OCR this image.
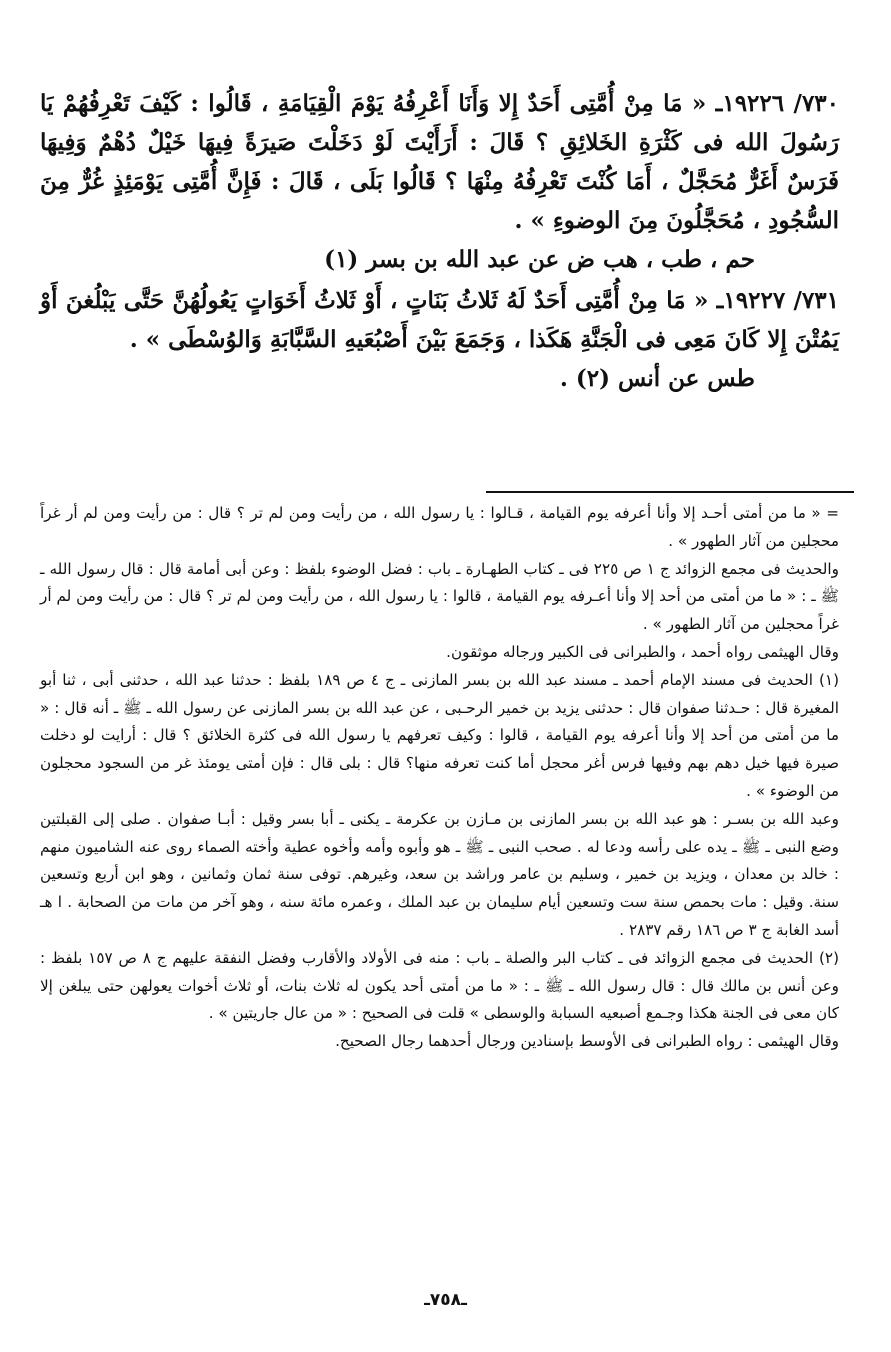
٧٣٠/ ١٩٢٢٦ـ « مَا مِنْ أُمَّتِى أَحَدٌ إِلا وَأَنَا أَعْرِفُهُ يَوْمَ الْقِيَامَةِ ، قَالُوا : كَيْفَ تَعْرِفُهُمْ يَا رَسُولَ الله فى كَثْرَةِ الخَلائِقِ ؟ قَالَ : أَرَأَيْتَ لَوْ دَخَلْتَ صَيرَةً فِيهَا خَيْلٌ دُهْمٌ وَفِيهَا فَرَسٌ أَغَرٌّ مُحَجَّلٌ ، أَمَا كُنْتَ تَعْرِفُهُ مِنْهَا ؟ قَالُوا بَلَى ، قَالَ : فَإِنَّ أُمَّتِى يَوْمَئِذٍ غُرٌّ مِنَ السُّجُودِ ، مُحَجَّلُونَ مِنَ الوضوءِ » .

حم ، طب ، هب ض عن عبد الله بن بسر (١)

٧٣١/ ١٩٢٢٧ـ « مَا مِنْ أُمَّتِى أَحَدٌ لَهُ ثَلاثُ بَنَاتٍ ، أَوْ ثَلاثُ أَخَوَاتٍ يَعُولُهُنَّ حَتَّى يَبْلُغنَ أَوْ يَمُتْنَ إِلا كَانَ مَعِى فى الْجَنَّةِ هَكَذا ، وَجَمَعَ بَيْنَ أَصْبُعَيهِ السَّبَّابَةِ وَالوُسْطَى » .

طس عن أنس (٢) .

= « ما من أمتى أحـد إلا وأنا أعرفه يوم القيامة ، قـالوا : يا رسول الله ، من رأيت ومن لم تر ؟ قال : من رأيت ومن لم أر غراً محجلين من آثار الطهور » .

والحديث فى مجمع الزوائد ج ١ ص ٢٢٥ فى ـ كتاب الطهـارة ـ باب : فضل الوضوء بلفظ : وعن أبى أمامة قال : قال رسول الله ـ ﷺ ـ : « ما من أمتى من أحد إلا وأنا أعـرفه يوم القيامة ، قالوا : يا رسول الله ، من رأيت ومن لم تر ؟ قال : من رأيت ومن لم أر غراً محجلين من آثار الطهور » .

وقال الهيثمى رواه أحمد ، والطبرانى فى الكبير ورجاله موثقون.

(١) الحديث فى مسند الإمام أحمد ـ مسند عبد الله بن بسر المازنى ـ ج ٤ ص ١٨٩ بلفظ : حدثنا عبد الله ، حدثنى أبى ، ثنا أبو المغيرة قال : حـدثنا صفوان قال : حدثنى يزيد بن خمير الرحـبى ، عن عبد الله بن بسر المازنى عن رسول الله ـ ﷺ ـ أنه قال : « ما من أمتى من أحد إلا وأنا أعرفه يوم القيامة ، قالوا : وكيف تعرفهم يا رسول الله فى كثرة الخلائق ؟ قال : أرايت لو دخلت صيرة فيها خيل دهم بهم وفيها فرس أغر محجل أما كنت تعرفه منها؟ قال : بلى قال : فإن أمتى يومئذ غر من السجود محجلون من الوضوء » .

وعبد الله بن بسـر : هو عبد الله بن بسر المازنى بن مـازن بن عكرمة ـ يكنى ـ أبا بسر وقيل : أبـا صفوان . صلى إلى القبلتين وضع النبى ـ ﷺ ـ يده على رأسه ودعا له . صحب النبى ـ ﷺ ـ هو وأبوه وأمه وأخوه عطية وأخته الصماء روى عنه الشاميون منهم : خالد بن معدان ، ويزيد بن خمير ، وسليم بن عامر وراشد بن سعد، وغيرهم. توفى سنة ثمان وثمانين ، وهو ابن أربع وتسعين سنة. وقيل : مات بحمص سنة ست وتسعين أيام سليمان بن عبد الملك ، وعمره مائة سنه ، وهو آخر من مات من الصحابة . ا هـ أسد الغابة ج ٣ ص ١٨٦ رقم ٢٨٣٧ .

(٢) الحديث فى مجمع الزوائد فى ـ كتاب البر والصلة ـ باب : منه فى الأولاد والأقارب وفضل النفقة عليهم ج ٨ ص ١٥٧ بلفظ : وعن أنس بن مالك قال : قال رسول الله ـ ﷺ ـ : « ما من أمتى أحد يكون له ثلاث بنات، أو ثلاث أخوات يعولهن حتى يبلغن إلا كان معى فى الجنة هكذا وجـمع أصبعيه السبابة والوسطى » قلت فى الصحيح : « من عال جاريتين » .

وقال الهيثمى : رواه الطبرانى فى الأوسط بإسنادين ورجال أحدهما رجال الصحيح.

ـ٧٥٨ـ
